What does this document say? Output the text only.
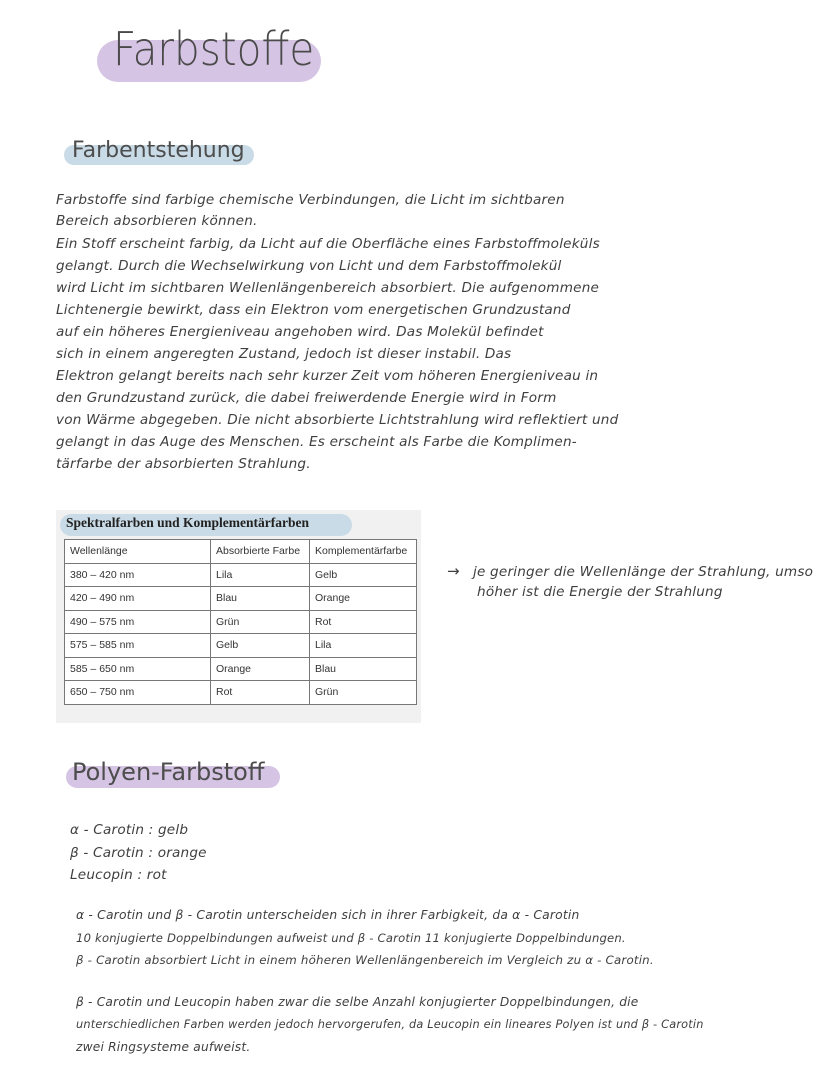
Farbstoffe
Farbentstehung
Farbstoffe sind farbige chemische Verbindungen, die Licht im sichtbaren
Bereich absorbieren können.
Ein Stoff erscheint farbig, da Licht auf die Oberfläche eines Farbstoffmoleküls
gelangt. Durch die Wechselwirkung von Licht und dem Farbstoffmolekül
wird Licht im sichtbaren Wellenlängenbereich absorbiert. Die aufgenommene
Lichtenergie bewirkt, dass ein Elektron vom energetischen Grundzustand
auf ein höheres Energieniveau angehoben wird. Das Molekül befindet
sich in einem angeregten Zustand, jedoch ist dieser instabil. Das
Elektron gelangt bereits nach sehr kurzer Zeit vom höheren Energieniveau in
den Grundzustand zurück, die dabei freiwerdende Energie wird in Form
von Wärme abgegeben. Die nicht absorbierte Lichtstrahlung wird reflektiert und
gelangt in das Auge des Menschen. Es erscheint als Farbe die Komplimen-
tärfarbe der absorbierten Strahlung.
Spektralfarben und Komplementärfarben
Wellenlänge	Absorbierte Farbe	Komplementärfarbe
380 – 420 nm	Lila	Gelb
420 – 490 nm	Blau	Orange
490 – 575 nm	Grün	Rot
575 – 585 nm	Gelb	Lila
585 – 650 nm	Orange	Blau
650 – 750 nm	Rot	Grün
→ je geringer die Wellenlänge der Strahlung, umso
höher ist die Energie der Strahlung
Polyen-Farbstoff
α - Carotin : gelb
β - Carotin : orange
Leucopin : rot
α - Carotin und β - Carotin unterscheiden sich in ihrer Farbigkeit, da α - Carotin
10 konjugierte Doppelbindungen aufweist und β - Carotin 11 konjugierte Doppelbindungen.
β - Carotin absorbiert Licht in einem höheren Wellenlängenbereich im Vergleich zu α - Carotin.
β - Carotin und Leucopin haben zwar die selbe Anzahl konjugierter Doppelbindungen, die
unterschiedlichen Farben werden jedoch hervorgerufen, da Leucopin ein lineares Polyen ist und β - Carotin
zwei Ringsysteme aufweist.
